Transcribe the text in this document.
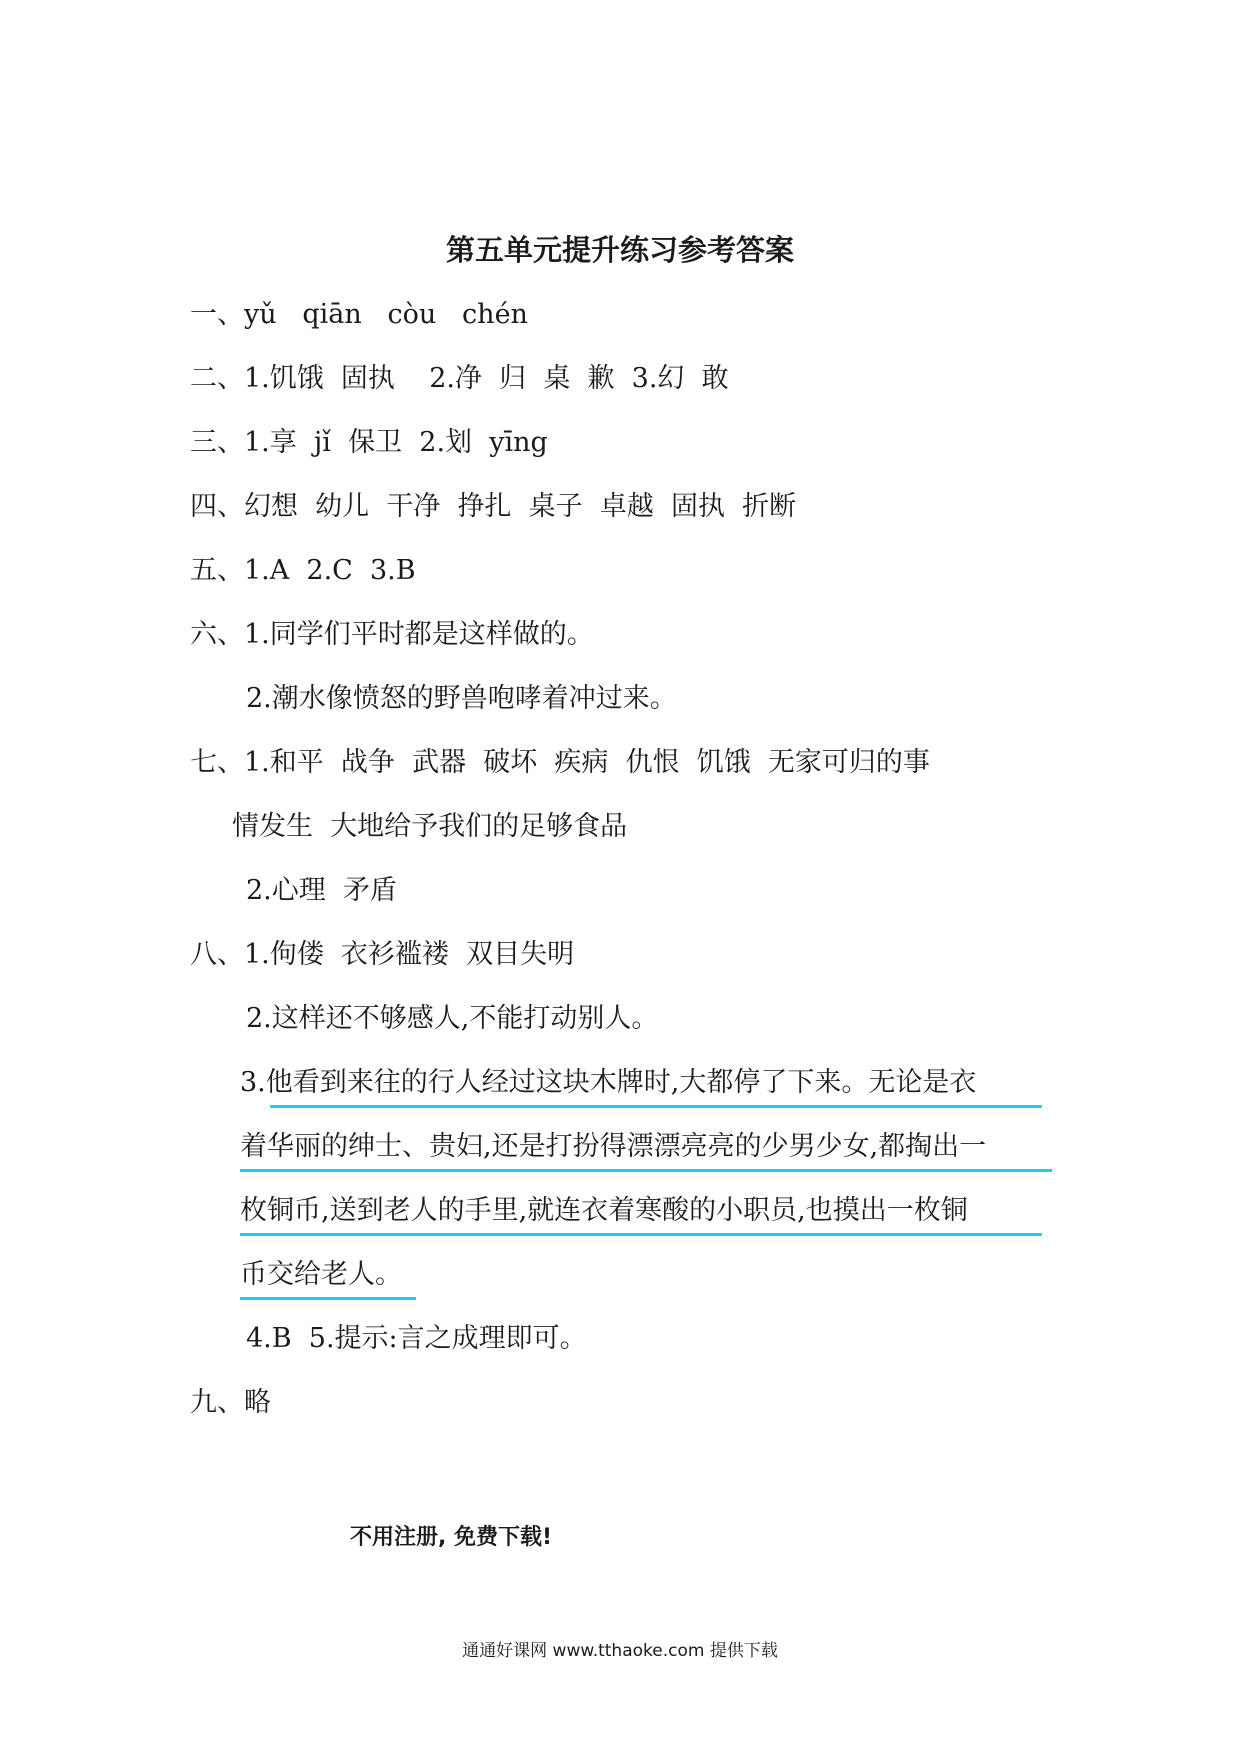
第五单元提升练习参考答案
一、yǔ   qiān   còu   chén
二、1.饥饿  固执    2.净  归  桌  歉  3.幻  敢
三、1.享  jǐ  保卫  2.划  yīng
四、幻想  幼儿  干净  挣扎  桌子  卓越  固执  折断
五、1.A  2.C  3.B
六、1.同学们平时都是这样做的。
2.潮水像愤怒的野兽咆哮着冲过来。
七、1.和平  战争  武器  破坏  疾病  仇恨  饥饿  无家可归的事
情发生  大地给予我们的足够食品
2.心理  矛盾
八、1.佝偻  衣衫褴褛  双目失明
2.这样还不够感人,不能打动别人。
3.他看到来往的行人经过这块木牌时,大都停了下来。无论是衣
着华丽的绅士、贵妇,还是打扮得漂漂亮亮的少男少女,都掏出一
枚铜币,送到老人的手里,就连衣着寒酸的小职员,也摸出一枚铜
币交给老人。
4.B  5.提示:言之成理即可。
九、略
不用注册, 免费下载!
通通好课网 www.tthaoke.com 提供下载
